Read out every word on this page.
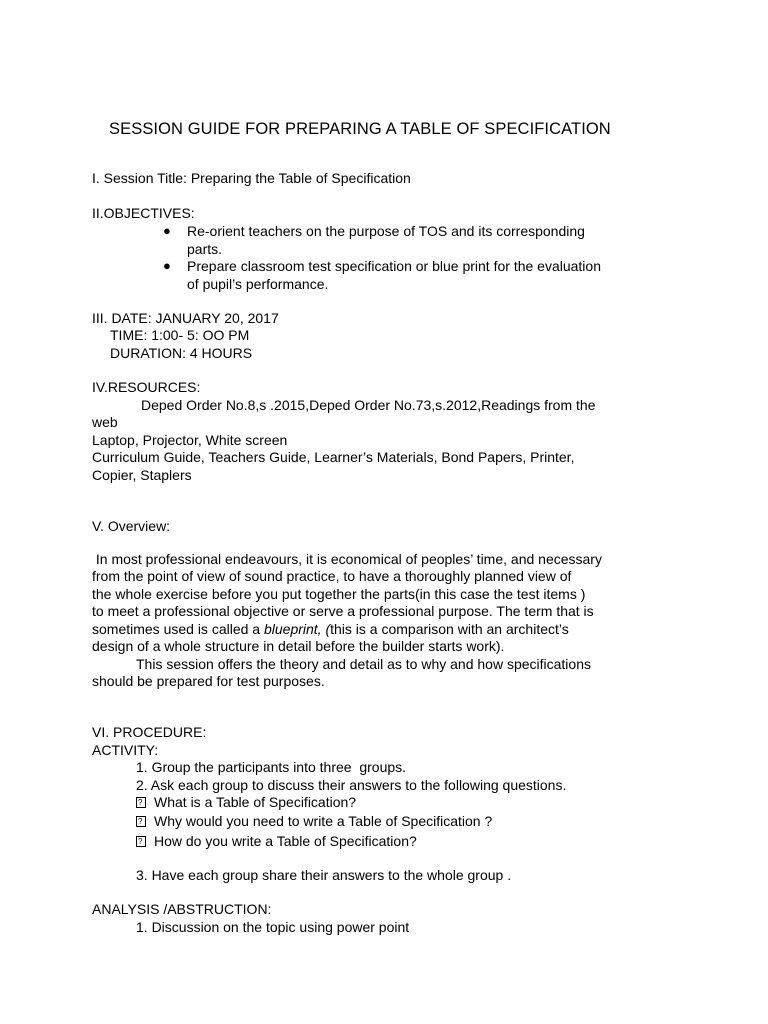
SESSION GUIDE FOR PREPARING A TABLE OF SPECIFICATION
I. Session Title: Preparing the Table of Specification
II.OBJECTIVES:
● Re-orient teachers on the purpose of TOS and its corresponding
parts.
● Prepare classroom test specification or blue print for the evaluation
of pupil’s performance.
III. DATE: JANUARY 20, 2017
TIME: 1:00- 5: OO PM
DURATION: 4 HOURS
IV.RESOURCES:
Deped Order No.8,s .2015,Deped Order No.73,s.2012,Readings from the
web
Laptop, Projector, White screen
Curriculum Guide, Teachers Guide, Learner’s Materials, Bond Papers, Printer,
Copier, Staplers
V. Overview:
In most professional endeavours, it is economical of peoples’ time, and necessary
from the point of view of sound practice, to have a thoroughly planned view of
the whole exercise before you put together the parts(in this case the test items )
to meet a professional objective or serve a professional purpose. The term that is
sometimes used is called a blueprint, (this is a comparison with an architect’s
design of a whole structure in detail before the builder starts work).
This session offers the theory and detail as to why and how specifications
should be prepared for test purposes.
VI. PROCEDURE:
ACTIVITY:
1. Group the participants into three  groups.
2. Ask each group to discuss their answers to the following questions.
?What is a Table of Specification?
?Why would you need to write a Table of Specification ?
?How do you write a Table of Specification?
3. Have each group share their answers to the whole group .
ANALYSIS /ABSTRUCTION:
1. Discussion on the topic using power point
